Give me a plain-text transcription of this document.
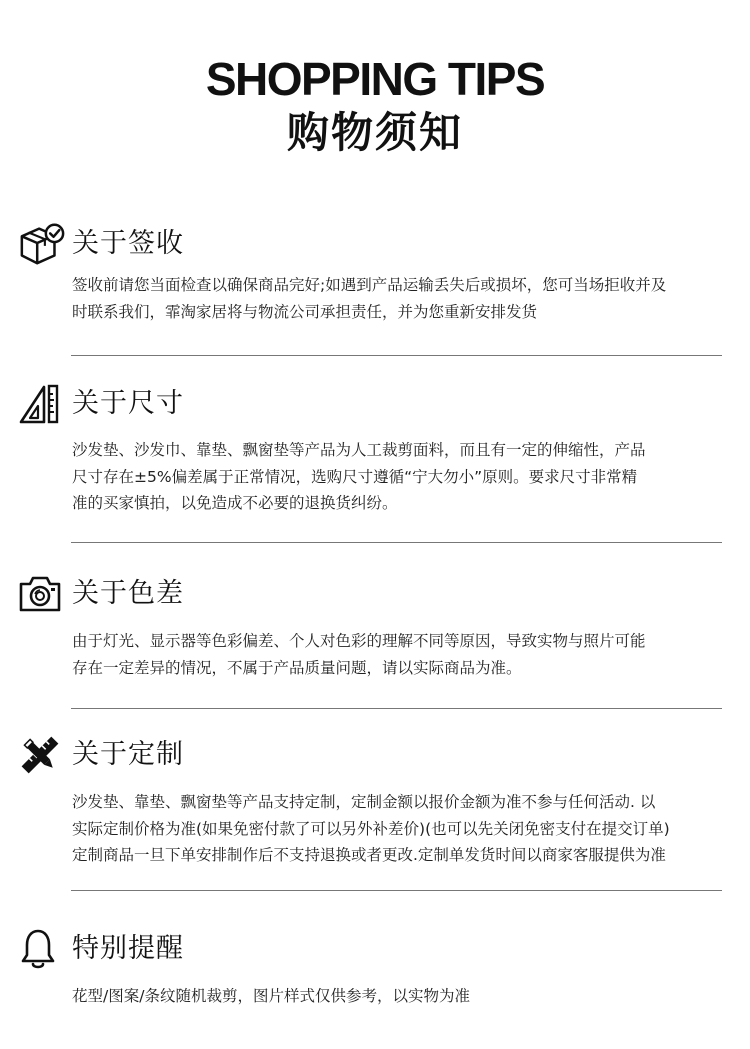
SHOPPING TIPS
购物须知
关于签收
签收前请您当面检查以确保商品完好;如遇到产品运输丢失后或损坏，您可当场拒收并及
时联系我们，霏淘家居将与物流公司承担责任，并为您重新安排发货
关于尺寸
沙发垫、沙发巾、靠垫、飘窗垫等产品为人工裁剪面料，而且有一定的伸缩性，产品
尺寸存在±5%偏差属于正常情况，选购尺寸遵循“宁大勿小”原则。要求尺寸非常精
准的买家慎拍，以免造成不必要的退换货纠纷。
关于色差
由于灯光、显示器等色彩偏差、个人对色彩的理解不同等原因，导致实物与照片可能
存在一定差异的情况，不属于产品质量问题，请以实际商品为准。
关于定制
沙发垫、靠垫、飘窗垫等产品支持定制，定制金额以报价金额为准不参与任何活动. 以
实际定制价格为准(如果免密付款了可以另外补差价)(也可以先关闭免密支付在提交订单)
定制商品一旦下单安排制作后不支持退换或者更改.定制单发货时间以商家客服提供为准
特别提醒
花型/图案/条纹随机裁剪，图片样式仅供参考，以实物为准
